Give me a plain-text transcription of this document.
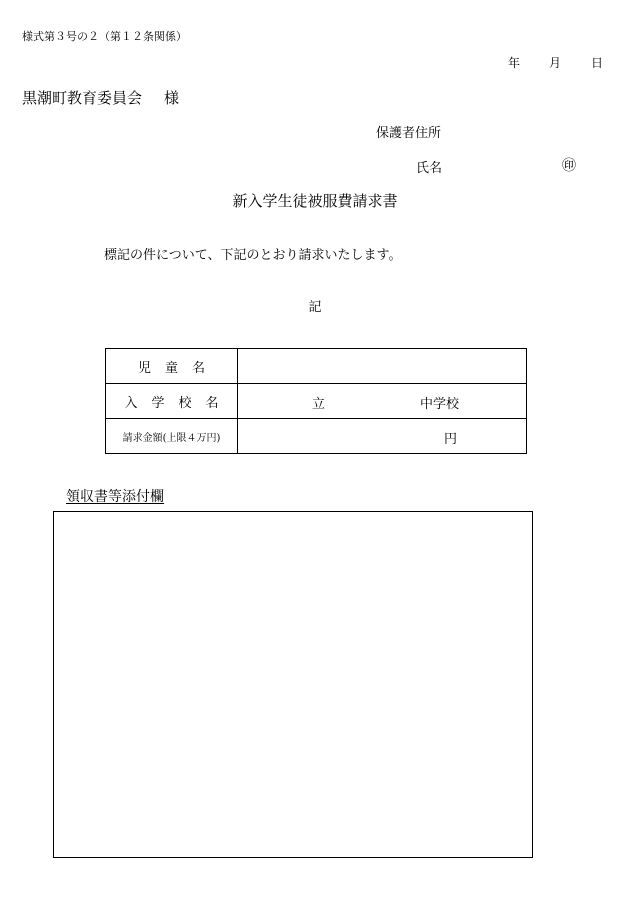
様式第３号の２（第１２条関係）
年 月 日
黒潮町教育委員会 様
保護者住所
氏名	㊞
新入学生徒被服費請求書
標記の件について、下記のとおり請求いたします。
記
児童名	
入学校名	立 中学校

請求金額(上限４万円)	円
領収書等添付欄
